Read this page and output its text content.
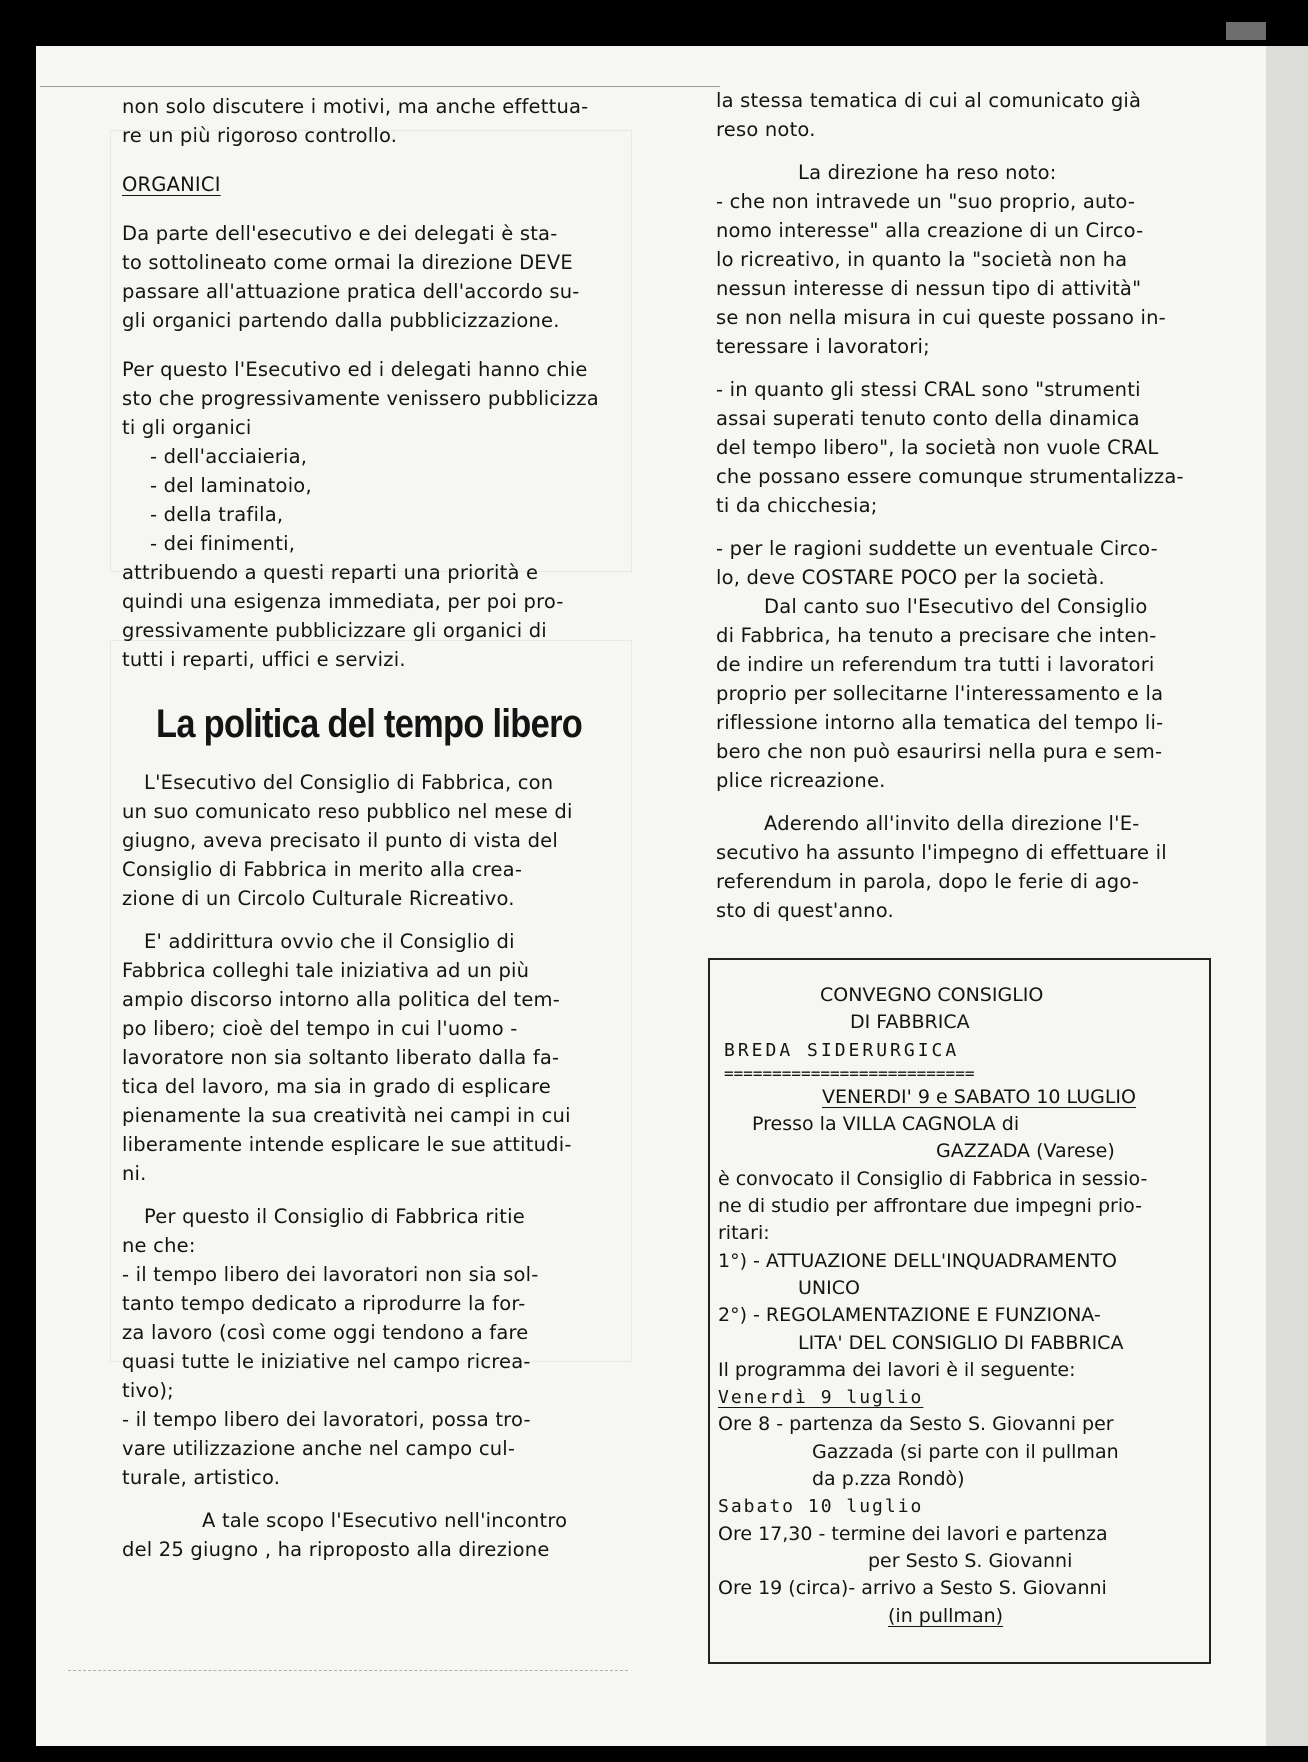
non solo discutere i motivi, ma anche effettua-
re un più rigoroso controllo.
ORGANICI
Da parte dell'esecutivo e dei delegati è sta-
to sottolineato come ormai la direzione DEVE
passare all'attuazione pratica dell'accordo su-
gli organici partendo dalla pubblicizzazione.
Per questo l'Esecutivo ed i delegati hanno chie
sto che progressivamente venissero pubblicizza
ti gli organici
- dell'acciaieria,
- del laminatoio,
- della trafila,
- dei finimenti,
attribuendo a questi reparti una priorità e
quindi una esigenza immediata, per poi pro-
gressivamente pubblicizzare gli organici di
tutti i reparti, uffici e servizi.
La politica del tempo libero
L'Esecutivo del Consiglio di Fabbrica, con
un suo comunicato reso pubblico nel mese di
giugno, aveva precisato il punto di vista del
Consiglio di Fabbrica in merito alla crea-
zione di un Circolo Culturale Ricreativo.
E' addirittura ovvio che il Consiglio di
Fabbrica colleghi tale iniziativa ad un più
ampio discorso intorno alla politica del tem-
po libero; cioè del tempo in cui l'uomo -
lavoratore non sia soltanto liberato dalla fa-
tica del lavoro, ma sia in grado di esplicare
pienamente la sua creatività nei campi in cui
liberamente intende esplicare le sue attitudi-
ni.
Per questo il Consiglio di Fabbrica ritie
ne che:
- il tempo libero dei lavoratori non sia sol-
tanto tempo dedicato a riprodurre la for-
za lavoro (così come oggi tendono a fare
quasi tutte le iniziative nel campo ricrea-
tivo);
- il tempo libero dei lavoratori, possa tro-
vare utilizzazione anche nel campo cul-
turale, artistico.
A tale scopo l'Esecutivo nell'incontro
del 25 giugno , ha riproposto alla direzione
la stessa tematica di cui al comunicato già
reso noto.
La direzione ha reso noto:
- che non intravede un "suo proprio, auto-
nomo interesse" alla creazione di un Circo-
lo ricreativo, in quanto la "società non ha
nessun interesse di nessun tipo di attività"
se non nella misura in cui queste possano in-
teressare i lavoratori;
- in quanto gli stessi CRAL sono "strumenti
assai superati tenuto conto della dinamica
del tempo libero", la società non vuole CRAL
che possano essere comunque strumentalizza-
ti da chicchesia;
- per le ragioni suddette un eventuale Circo-
lo, deve COSTARE POCO per la società.
Dal canto suo l'Esecutivo del Consiglio
di Fabbrica, ha tenuto a precisare che inten-
de indire un referendum tra tutti i lavoratori
proprio per sollecitarne l'interessamento e la
riflessione intorno alla tematica del tempo li-
bero che non può esaurirsi nella pura e sem-
plice ricreazione.
Aderendo all'invito della direzione l'E-
secutivo ha assunto l'impegno di effettuare il
referendum in parola, dopo le ferie di ago-
sto di quest'anno.
CONVEGNO CONSIGLIO
DI FABBRICA
BREDA SIDERURGICA
==========================
VENERDI' 9 e SABATO 10 LUGLIO
Presso la VILLA CAGNOLA di
GAZZADA (Varese)
è convocato il Consiglio di Fabbrica in sessio-
ne di studio per affrontare due impegni prio-
ritari:
1°) - ATTUAZIONE DELL'INQUADRAMENTO
UNICO
2°) - REGOLAMENTAZIONE E FUNZIONA-
LITA' DEL CONSIGLIO DI FABBRICA
Il programma dei lavori è il seguente:
Venerdì 9 luglio
Ore 8 - partenza da Sesto S. Giovanni per
Gazzada (si parte con il pullman
da p.zza Rondò)
Sabato 10 luglio
Ore 17,30 - termine dei lavori e partenza
per Sesto S. Giovanni
Ore 19 (circa)- arrivo a Sesto S. Giovanni
(in pullman)
